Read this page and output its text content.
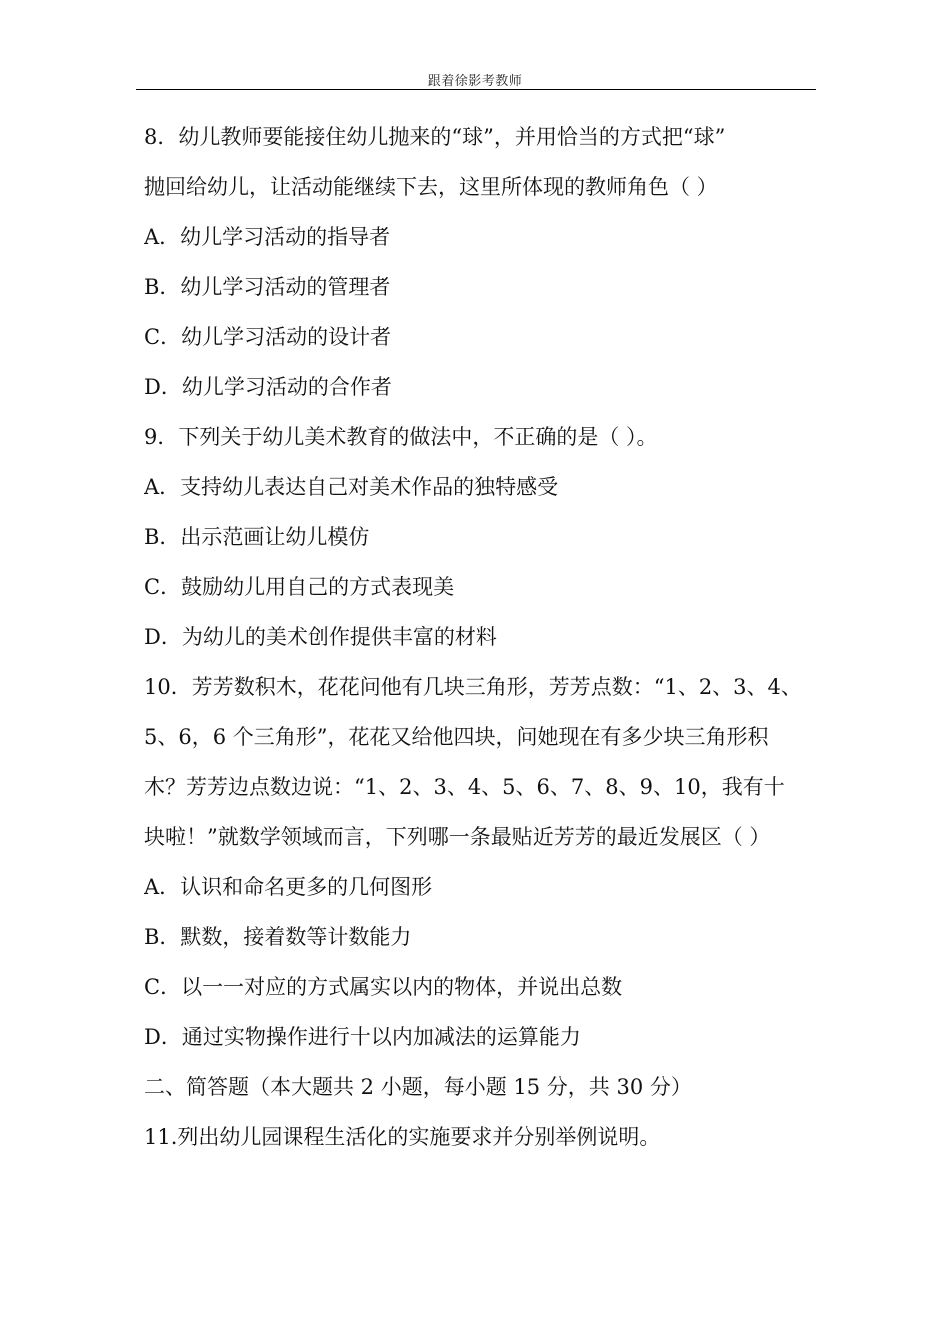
跟着徐影考教师
8．幼儿教师要能接住幼儿抛来的“球”，并用恰当的方式把“球”
抛回给幼儿，让活动能继续下去，这里所体现的教师角色（ ）
A．幼儿学习活动的指导者
B．幼儿学习活动的管理者
C．幼儿学习活动的设计者
D．幼儿学习活动的合作者
9．下列关于幼儿美术教育的做法中，不正确的是（ ）。
A．支持幼儿表达自己对美术作品的独特感受
B．出示范画让幼儿模仿
C．鼓励幼儿用自己的方式表现美
D．为幼儿的美术创作提供丰富的材料
10．芳芳数积木，花花问他有几块三角形，芳芳点数：“1、2、3、4、
5、6，6 个三角形”，花花又给他四块，问她现在有多少块三角形积
木？芳芳边点数边说：“1、2、3、4、5、6、7、8、9、10，我有十
块啦！”就数学领域而言，下列哪一条最贴近芳芳的最近发展区（ ）
A．认识和命名更多的几何图形
B．默数，接着数等计数能力
C．以一一对应的方式属实以内的物体，并说出总数
D．通过实物操作进行十以内加减法的运算能力
二、简答题（本大题共 2 小题，每小题 15 分，共 30 分）
11.列出幼儿园课程生活化的实施要求并分别举例说明。
